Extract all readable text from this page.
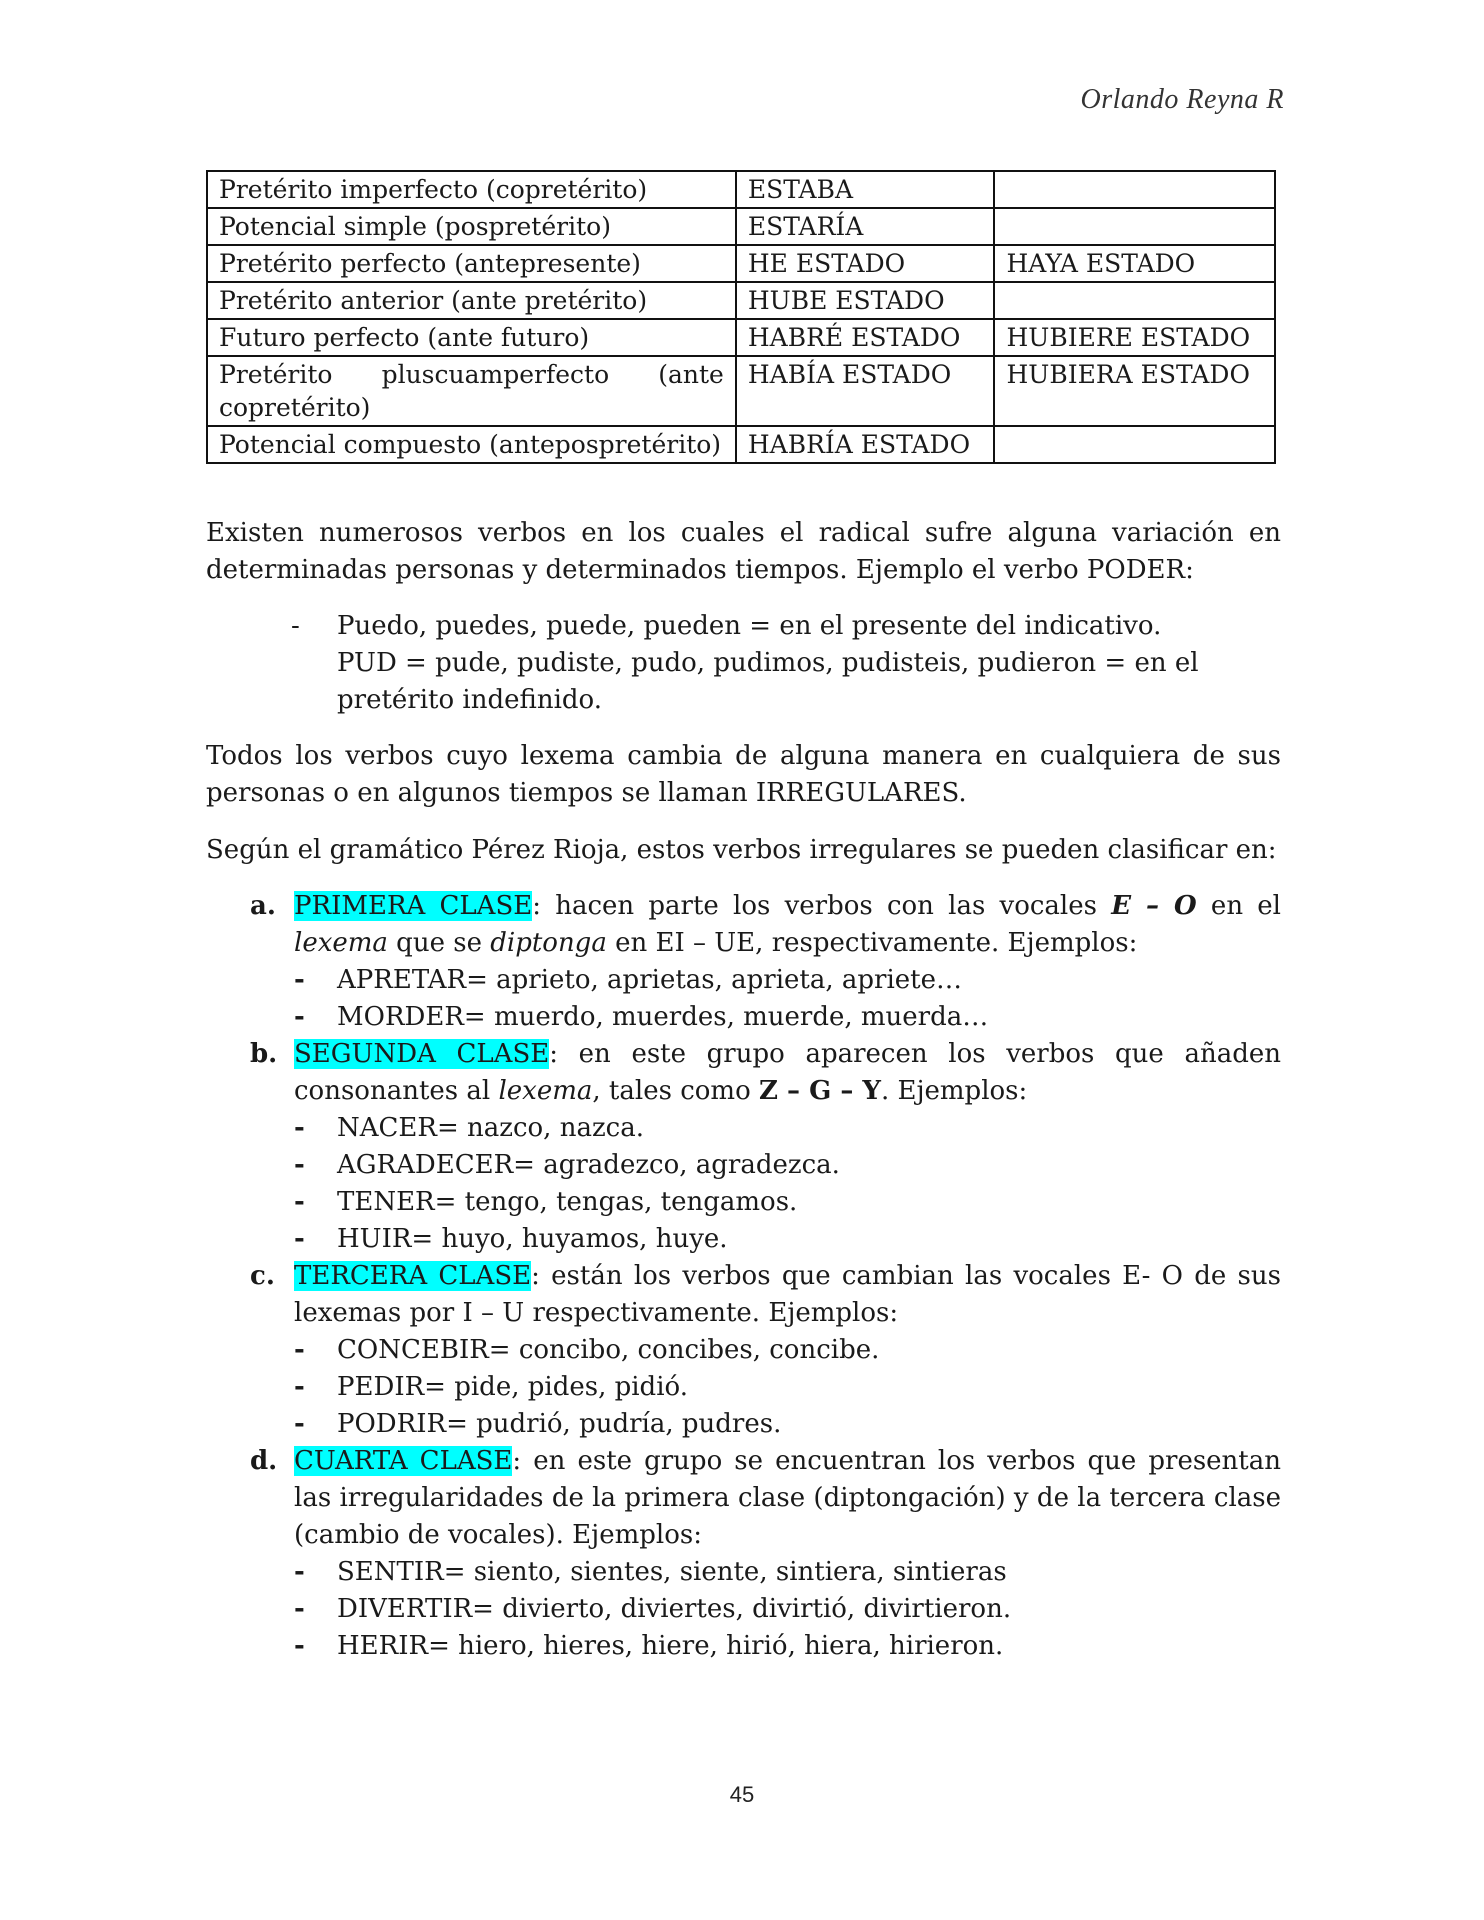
Orlando Reyna R
Pretérito imperfecto (copretérito)	ESTABA	
Potencial simple (pospretérito)	ESTARÍA	
Pretérito perfecto (antepresente)	HE ESTADO	HAYA ESTADO
Pretérito anterior (ante pretérito)	HUBE ESTADO	
Futuro perfecto (ante futuro)	HABRÉ ESTADO	HUBIERE ESTADO
Pretérito pluscuamperfecto (ante copretérito)	HABÍA ESTADO	HUBIERA ESTADO
Potencial compuesto (antepospretérito)	HABRÍA ESTADO	

Existen numerosos verbos en los cuales el radical sufre alguna variación en determinadas personas y determinados tiempos. Ejemplo el verbo PODER:

- Puedo, puedes, puede, pueden = en el presente del indicativo.

PUD = pude, pudiste, pudo, pudimos, pudisteis, pudieron = en el pretérito indefinido.

Todos los verbos cuyo lexema cambia de alguna manera en cualquiera de sus personas o en algunos tiempos se llaman IRREGULARES.

Según el gramático Pérez Rioja, estos verbos irregulares se pueden clasificar en:

a. PRIMERA CLASE: hacen parte los verbos con las vocales E – O en el lexema que se diptonga en EI – UE, respectivamente. Ejemplos:
- APRETAR= aprieto, aprietas, aprieta, apriete…
- MORDER= muerdo, muerdes, muerde, muerda…
b. SEGUNDA CLASE: en este grupo aparecen los verbos que añaden consonantes al lexema, tales como Z – G – Y. Ejemplos:
- NACER= nazco, nazca.
- AGRADECER= agradezco, agradezca.
- TENER= tengo, tengas, tengamos.
- HUIR= huyo, huyamos, huye.
c. TERCERA CLASE: están los verbos que cambian las vocales E- O de sus lexemas por I – U respectivamente. Ejemplos:
- CONCEBIR= concibo, concibes, concibe.
- PEDIR= pide, pides, pidió.
- PODRIR= pudrió, pudría, pudres.
d. CUARTA CLASE: en este grupo se encuentran los verbos que presentan las irregularidades de la primera clase (diptongación) y de la tercera clase (cambio de vocales). Ejemplos:
- SENTIR= siento, sientes, siente, sintiera, sintieras
- DIVERTIR= divierto, diviertes, divirtió, divirtieron.
- HERIR= hiero, hieres, hiere, hirió, hiera, hirieron.
45
